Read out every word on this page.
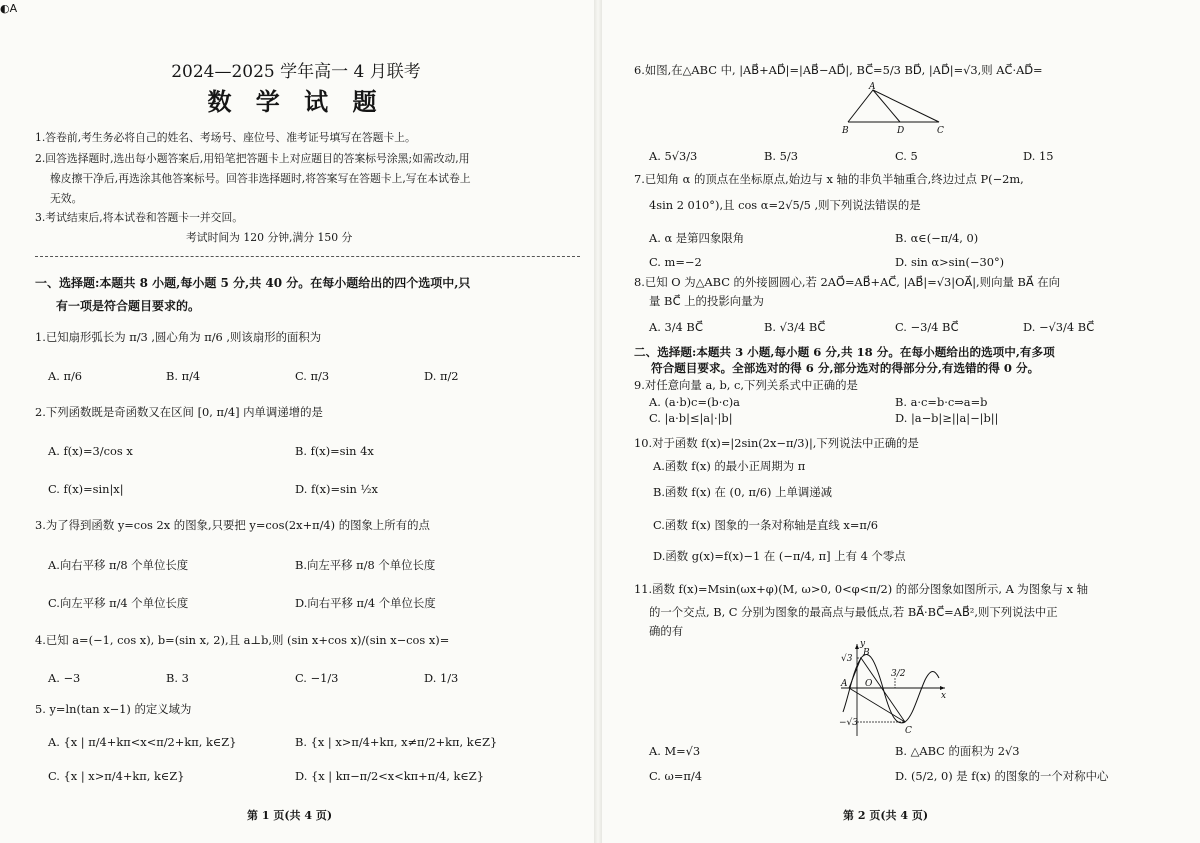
◐A
2024—2025 学年高一 4 月联考
数 学 试 题
1.答卷前,考生务必将自己的姓名、考场号、座位号、准考证号填写在答题卡上。
2.回答选择题时,选出每小题答案后,用铅笔把答题卡上对应题目的答案标号涂黑;如需改动,用
橡皮擦干净后,再选涂其他答案标号。回答非选择题时,将答案写在答题卡上,写在本试卷上
无效。
3.考试结束后,将本试卷和答题卡一并交回。
考试时间为 120 分钟,满分 150 分
一、选择题:本题共 8 小题,每小题 5 分,共 40 分。在每小题给出的四个选项中,只
有一项是符合题目要求的。
1.已知扇形弧长为 π/3 ,圆心角为 π/6 ,则该扇形的面积为
A. π/6	B. π/4	C. π/3	D. π/2
2.下列函数既是奇函数又在区间 [0, π/4] 内单调递增的是
A. f(x)=3/cos x	B. f(x)=sin 4x
C. f(x)=sin|x|	D. f(x)=sin ½x
3.为了得到函数 y=cos 2x 的图象,只要把 y=cos(2x+π/4) 的图象上所有的点
A.向右平移 π/8 个单位长度	B.向左平移 π/8 个单位长度
C.向左平移 π/4 个单位长度	D.向右平移 π/4 个单位长度
4.已知 a=(−1, cos x), b=(sin x, 2),且 a⊥b,则 (sin x+cos x)/(sin x−cos x)=
A. −3	B. 3	C. −1/3	D. 1/3
5. y=ln(tan x−1) 的定义域为
A. {x | π/4+kπ<x<π/2+kπ, k∈Z}	B. {x | x>π/4+kπ, x≠π/2+kπ, k∈Z}
C. {x | x>π/4+kπ, k∈Z}	D. {x | kπ−π/2<x<kπ+π/4, k∈Z}
第 1 页(共 4 页)
6.如图,在△ABC 中, |AB⃗+AD⃗|=|AB⃗−AD⃗|, BC⃗=5/3 BD⃗, |AD⃗|=√3,则 AC⃗·AD⃗=
A
B	D	C
A. 5√3/3	B. 5/3	C. 5	D. 15
7.已知角 α 的顶点在坐标原点,始边与 x 轴的非负半轴重合,终边过点 P(−2m,
4sin 2 010°),且 cos α=2√5/5 ,则下列说法错误的是
A. α 是第四象限角	B. α∈(−π/4, 0)
C. m=−2	D. sin α>sin(−30°)
8.已知 O 为△ABC 的外接圆圆心,若 2AO⃗=AB⃗+AC⃗, |AB⃗|=√3|OA⃗|,则向量 BA⃗ 在向
量 BC⃗ 上的投影向量为
A. 3/4 BC⃗	B. √3/4 BC⃗	C. −3/4 BC⃗	D. −√3/4 BC⃗
二、选择题:本题共 3 小题,每小题 6 分,共 18 分。在每小题给出的选项中,有多项
符合题目要求。全部选对的得 6 分,部分选对的得部分分,有选错的得 0 分。
9.对任意向量 a, b, c,下列关系式中正确的是
A. (a·b)c=(b·c)a	B. a·c=b·c⇒a=b
C. |a·b|≤|a|·|b|	D. |a−b|≥||a|−|b||
10.对于函数 f(x)=|2sin(2x−π/3)|,下列说法中正确的是
A.函数 f(x) 的最小正周期为 π
B.函数 f(x) 在 (0, π/6) 上单调递减
C.函数 f(x) 图象的一条对称轴是直线 x=π/6
D.函数 g(x)=f(x)−1 在 (−π/4, π] 上有 4 个零点
11.函数 f(x)=Msin(ωx+φ)(M, ω>0, 0<φ<π/2) 的部分图象如图所示, A 为图象与 x 轴
的一个交点, B, C 分别为图象的最高点与最低点,若 BA⃗·BC⃗=AB⃗²,则下列说法中正
确的有
y
x
O
A
B
C
√3
−√3
3/2
A. M=√3	B. △ABC 的面积为 2√3
C. ω=π/4	D. (5/2, 0) 是 f(x) 的图象的一个对称中心
第 2 页(共 4 页)
